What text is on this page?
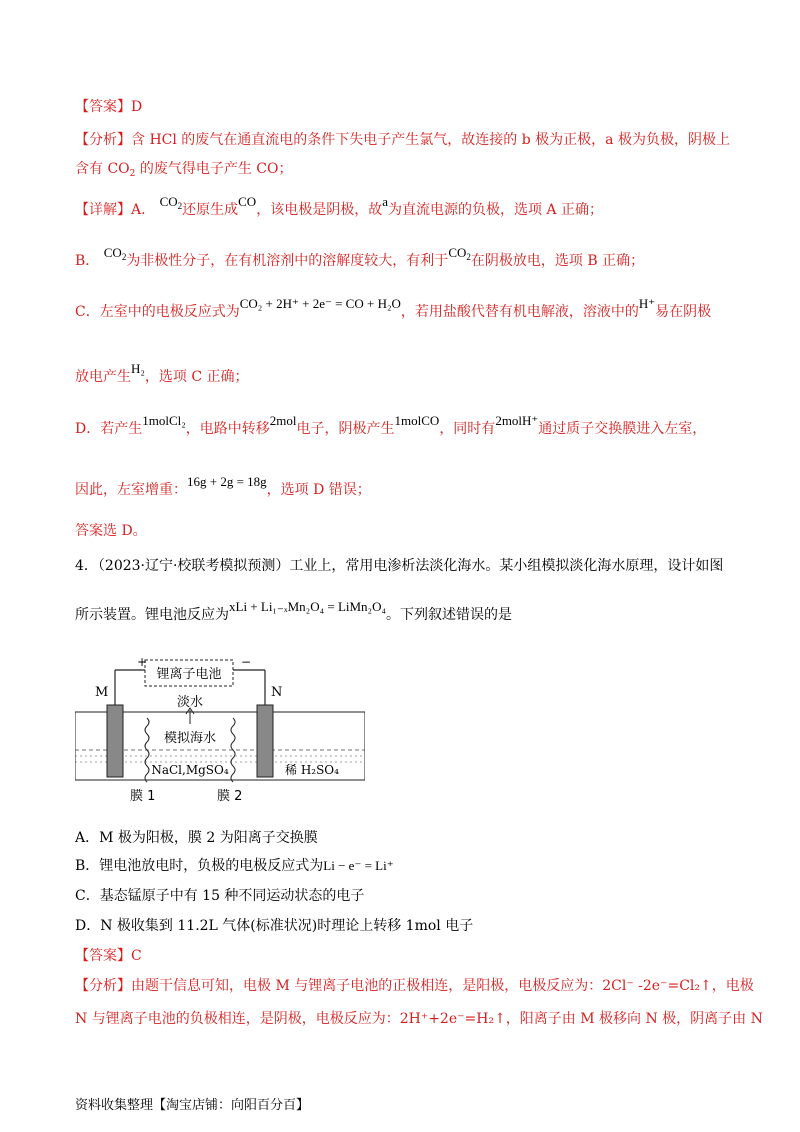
【答案】D
【分析】含 HCl 的废气在通直流电的条件下失电子产生氯气，故连接的 b 极为正极，a 极为负极，阴极上
含有 $CO_2$ 的废气得电子产生 CO；
【详解】A． $CO_2$还原生成CO，该电极是阴极，故a为直流电源的负极，选项 A 正确；
B． $CO_2$为非极性分子，在有机溶剂中的溶解度较大，有利于$CO_2$在阴极放电，选项 B 正确；
C．左室中的电极反应式为CO₂ + 2H⁺ + 2e⁻ = CO + H₂O，若用盐酸代替有机电解液，溶液中的H⁺易在阴极
放电产生H₂，选项 C 正确；
D．若产生1molCl₂，电路中转移2mol电子，阴极产生1molCO，同时有2molH⁺通过质子交换膜进入左室，
因此，左室增重：16g + 2g = 18g，选项 D 错误；
答案选 D。
4．（2023·辽宁·校联考模拟预测）工业上，常用电渗析法淡化海水。某小组模拟淡化海水原理，设计如图
所示装置。锂电池反应为xLi + Li₁₋ₓMn₂O₄ = LiMn₂O₄。下列叙述错误的是
锂离子电池
+	−
M	N
淡水
模拟海水
NaCl,MgSO₄	稀 H₂SO₄
膜 1	膜 2
A．M 极为阳极，膜 2 为阳离子交换膜
B．锂电池放电时，负极的电极反应式为Li − e⁻ = Li⁺
C．基态锰原子中有 15 种不同运动状态的电子
D．N 极收集到 11.2L 气体(标准状况)时理论上转移 1mol 电子
【答案】C
【分析】由题干信息可知，电极 M 与锂离子电池的正极相连，是阳极，电极反应为：2Cl⁻ -2e⁻=Cl₂↑，电极
N 与锂离子电池的负极相连，是阴极，电极反应为：2H⁺+2e⁻=H₂↑，阳离子由 M 极移向 N 极，阴离子由 N
资料收集整理【淘宝店铺：向阳百分百】
